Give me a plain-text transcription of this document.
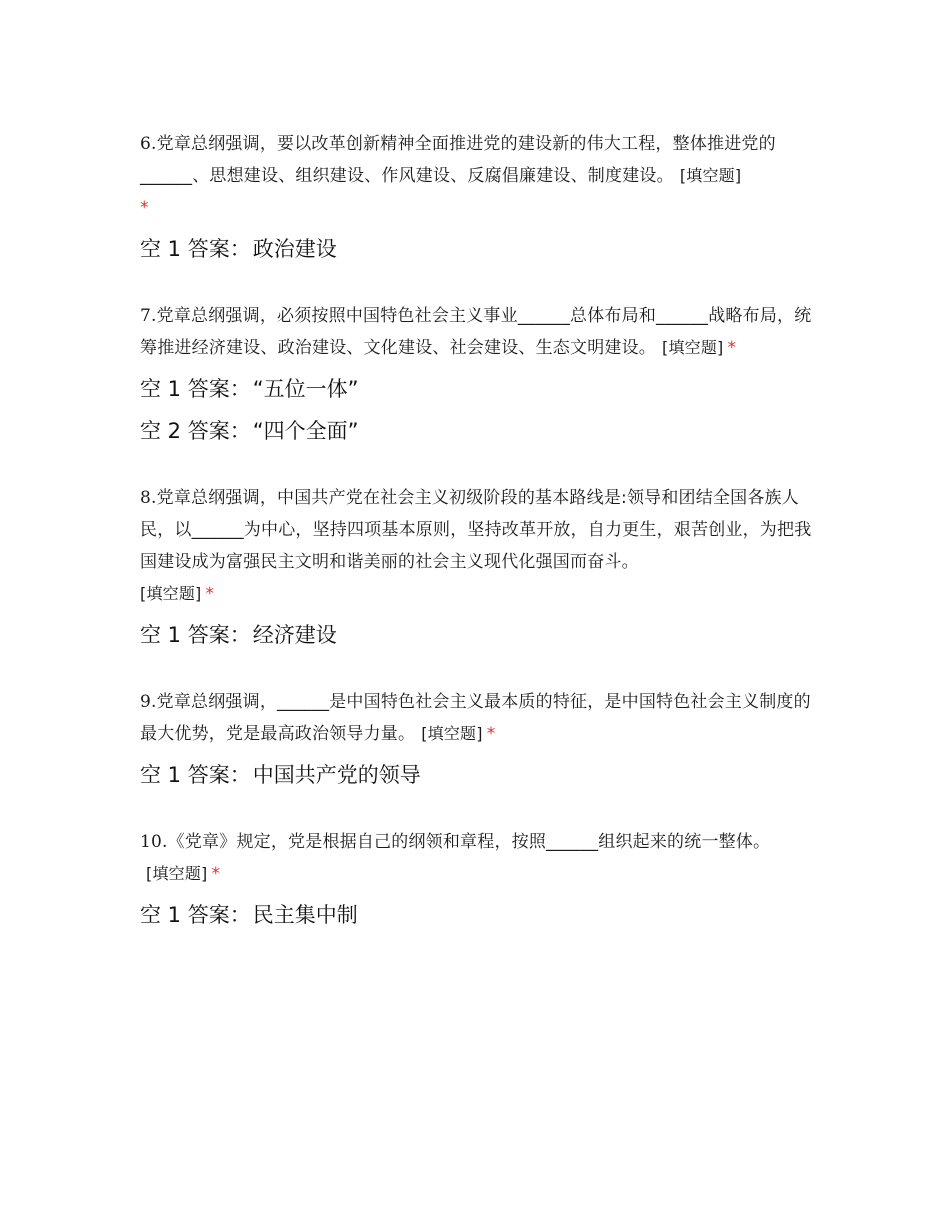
6.党章总纲强调，要以改革创新精神全面推进党的建设新的伟大工程，整体推进党的______、思想建设、组织建设、作风建设、反腐倡廉建设、制度建设。 [填空题]
*
空 1 答案：政治建设
7.党章总纲强调，必须按照中国特色社会主义事业______总体布局和______战略布局，统筹推进经济建设、政治建设、文化建设、社会建设、生态文明建设。 [填空题] *
空 1 答案：“五位一体”
空 2 答案：“四个全面”
8.党章总纲强调，中国共产党在社会主义初级阶段的基本路线是:领导和团结全国各族人民，以______为中心，坚持四项基本原则，坚持改革开放，自力更生，艰苦创业，为把我国建设成为富强民主文明和谐美丽的社会主义现代化强国而奋斗。
[填空题] *
空 1 答案：经济建设
9.党章总纲强调，______是中国特色社会主义最本质的特征，是中国特色社会主义制度的最大优势，党是最高政治领导力量。 [填空题] *
空 1 答案：中国共产党的领导
10.《党章》规定，党是根据自己的纲领和章程，按照______组织起来的统一整体。[填空题] *
空 1 答案：民主集中制
